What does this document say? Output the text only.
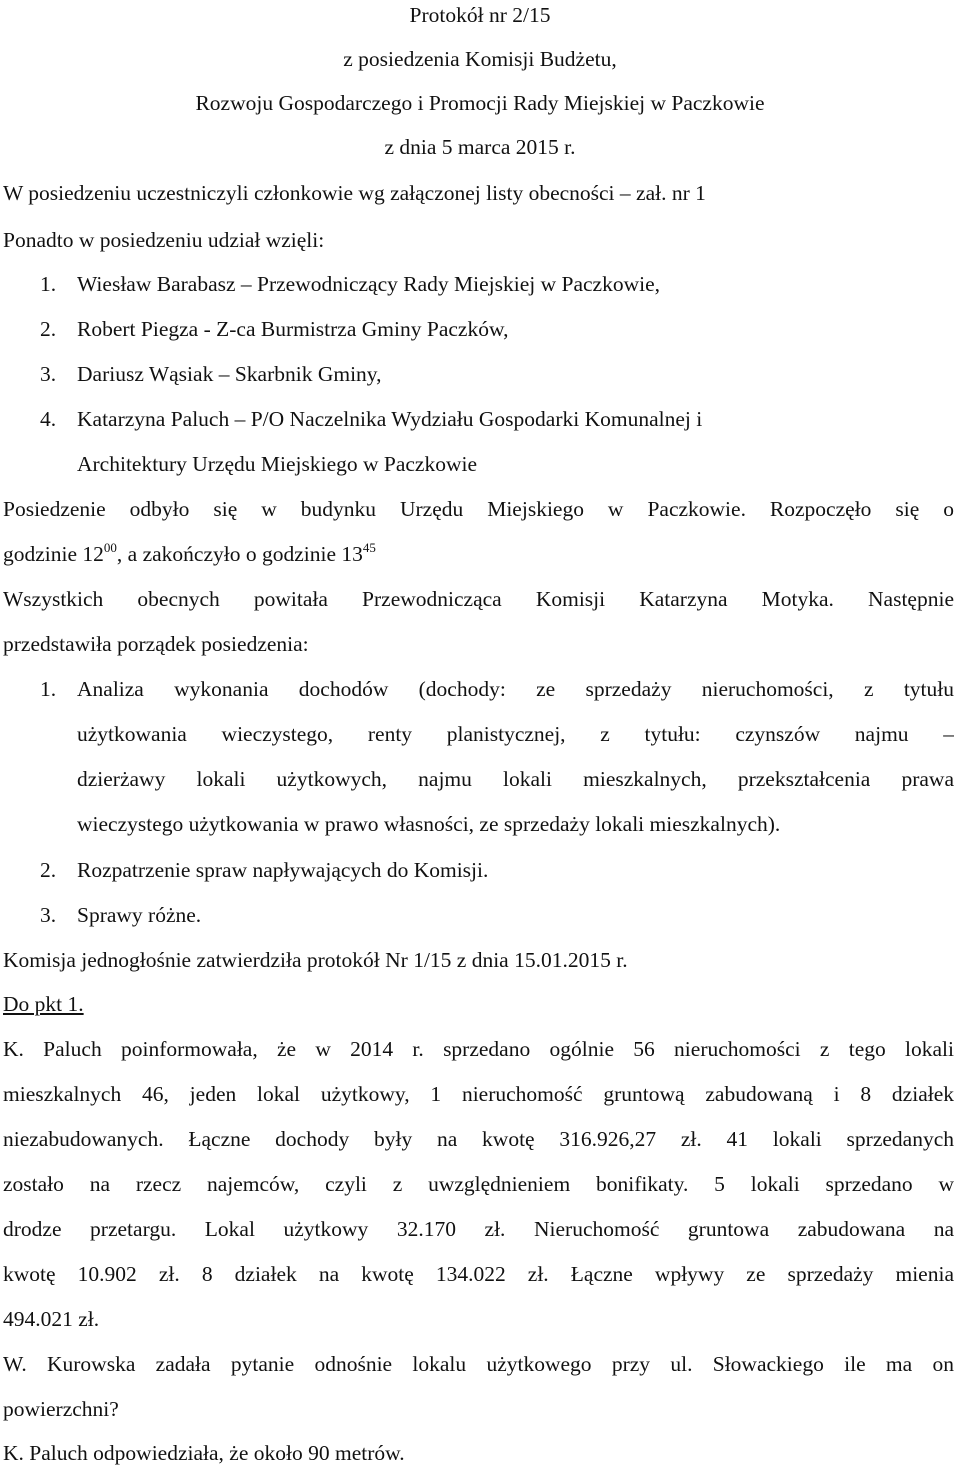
Protokół nr 2/15
z posiedzenia Komisji Budżetu,
Rozwoju Gospodarczego i Promocji Rady Miejskiej w Paczkowie
z dnia 5 marca 2015 r.
W posiedzeniu uczestniczyli członkowie wg załączonej listy obecności – zał. nr 1
Ponadto w posiedzeniu udział wzięli:
1. Wiesław Barabasz – Przewodniczący Rady Miejskiej w Paczkowie,
2. Robert Piegza - Z-ca Burmistrza Gminy Paczków,
3. Dariusz Wąsiak – Skarbnik Gminy,
4. Katarzyna Paluch – P/O Naczelnika Wydziału Gospodarki Komunalnej i
Architektury Urzędu Miejskiego w Paczkowie
Posiedzenie odbyło się w budynku Urzędu Miejskiego w Paczkowie. Rozpoczęło się o
godzinie $12^{00}$, a zakończyło o godzinie $13^{45}$
Wszystkich obecnych powitała Przewodnicząca Komisji Katarzyna Motyka. Następnie
przedstawiła porządek posiedzenia:
1. Analiza wykonania dochodów (dochody: ze sprzedaży nieruchomości, z tytułu
użytkowania wieczystego, renty planistycznej, z tytułu: czynszów najmu –
dzierżawy lokali użytkowych, najmu lokali mieszkalnych, przekształcenia prawa
wieczystego użytkowania w prawo własności, ze sprzedaży lokali mieszkalnych).
2. Rozpatrzenie spraw napływających do Komisji.
3. Sprawy różne.
Komisja jednogłośnie zatwierdziła protokół Nr 1/15 z dnia 15.01.2015 r.
Do pkt 1.
K. Paluch poinformowała, że w 2014 r. sprzedano ogólnie 56 nieruchomości z tego lokali
mieszkalnych 46, jeden lokal użytkowy, 1 nieruchomość gruntową zabudowaną i 8 działek
niezabudowanych. Łączne dochody były na kwotę 316.926,27 zł. 41 lokali sprzedanych
zostało na rzecz najemców, czyli z uwzględnieniem bonifikaty. 5 lokali sprzedano w
drodze przetargu. Lokal użytkowy 32.170 zł. Nieruchomość gruntowa zabudowana na
kwotę 10.902 zł. 8 działek na kwotę 134.022 zł. Łączne wpływy ze sprzedaży mienia
494.021 zł.
W. Kurowska zadała pytanie odnośnie lokalu użytkowego przy ul. Słowackiego ile ma on
powierzchni?
K. Paluch odpowiedziała, że około 90 metrów.
